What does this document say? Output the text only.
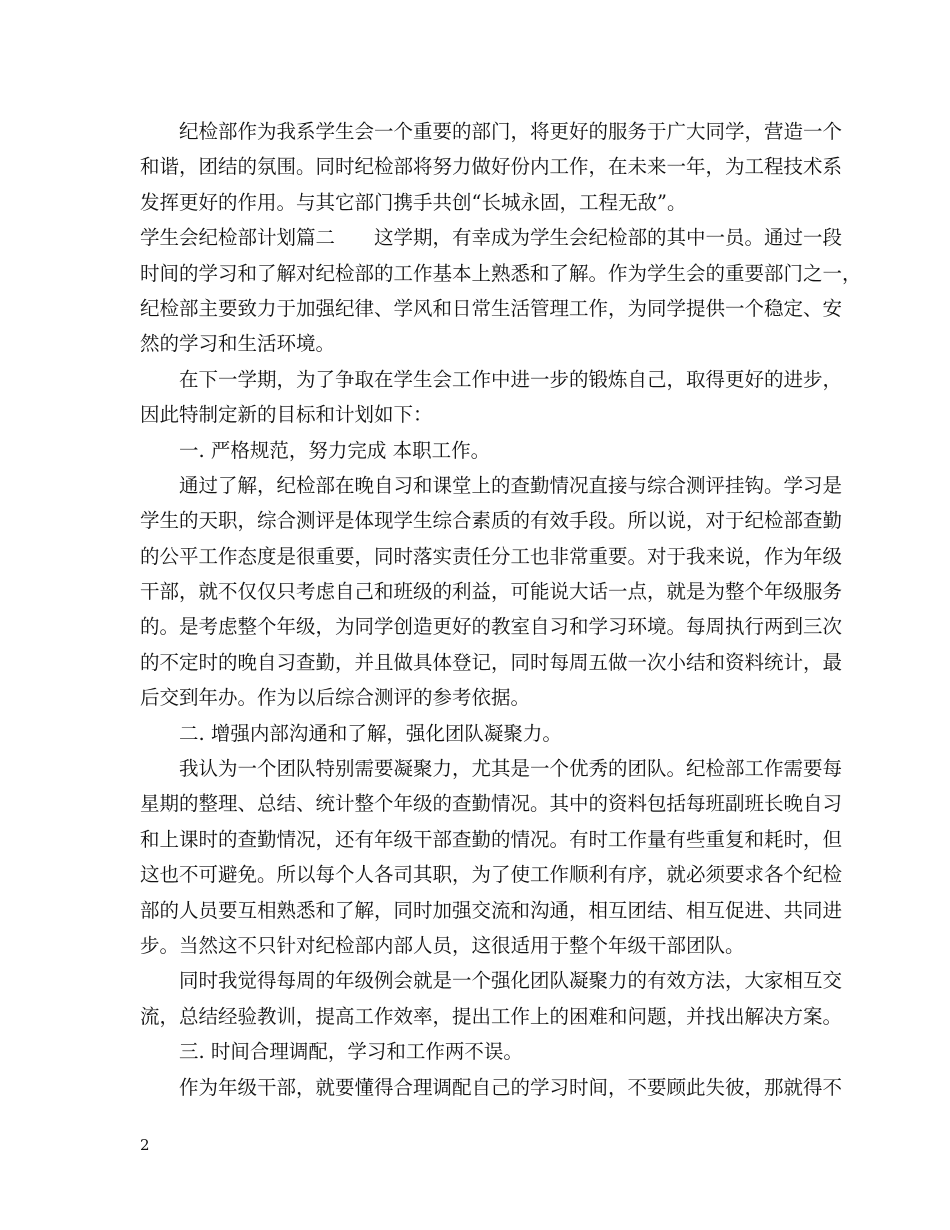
纪检部作为我系学生会一个重要的部门，将更好的服务于广大同学，营造一个
和谐，团结的氛围。同时纪检部将努力做好份内工作，在未来一年，为工程技术系
发挥更好的作用。与其它部门携手共创“长城永固，工程无敌”。
学生会纪检部计划篇二　　这学期，有幸成为学生会纪检部的其中一员。通过一段
时间的学习和了解对纪检部的工作基本上熟悉和了解。作为学生会的重要部门之一，
纪检部主要致力于加强纪律、学风和日常生活管理工作，为同学提供一个稳定、安
然的学习和生活环境。
在下一学期，为了争取在学生会工作中进一步的锻炼自己，取得更好的进步，
因此特制定新的目标和计划如下：
一. 严格规范，努力完成 本职工作。
通过了解，纪检部在晚自习和课堂上的查勤情况直接与综合测评挂钩。学习是
学生的天职，综合测评是体现学生综合素质的有效手段。所以说，对于纪检部查勤
的公平工作态度是很重要，同时落实责任分工也非常重要。对于我来说，作为年级
干部，就不仅仅只考虑自己和班级的利益，可能说大话一点，就是为整个年级服务
的。是考虑整个年级，为同学创造更好的教室自习和学习环境。每周执行两到三次
的不定时的晚自习查勤，并且做具体登记，同时每周五做一次小结和资料统计，最
后交到年办。作为以后综合测评的参考依据。
二. 增强内部沟通和了解，强化团队凝聚力。
我认为一个团队特别需要凝聚力，尤其是一个优秀的团队。纪检部工作需要每
星期的整理、总结、统计整个年级的查勤情况。其中的资料包括每班副班长晚自习
和上课时的查勤情况，还有年级干部查勤的情况。有时工作量有些重复和耗时，但
这也不可避免。所以每个人各司其职，为了使工作顺利有序，就必须要求各个纪检
部的人员要互相熟悉和了解，同时加强交流和沟通，相互团结、相互促进、共同进
步。当然这不只针对纪检部内部人员，这很适用于整个年级干部团队。
同时我觉得每周的年级例会就是一个强化团队凝聚力的有效方法，大家相互交
流，总结经验教训，提高工作效率，提出工作上的困难和问题，并找出解决方案。
三. 时间合理调配，学习和工作两不误。
作为年级干部，就要懂得合理调配自己的学习时间，不要顾此失彼，那就得不
2
